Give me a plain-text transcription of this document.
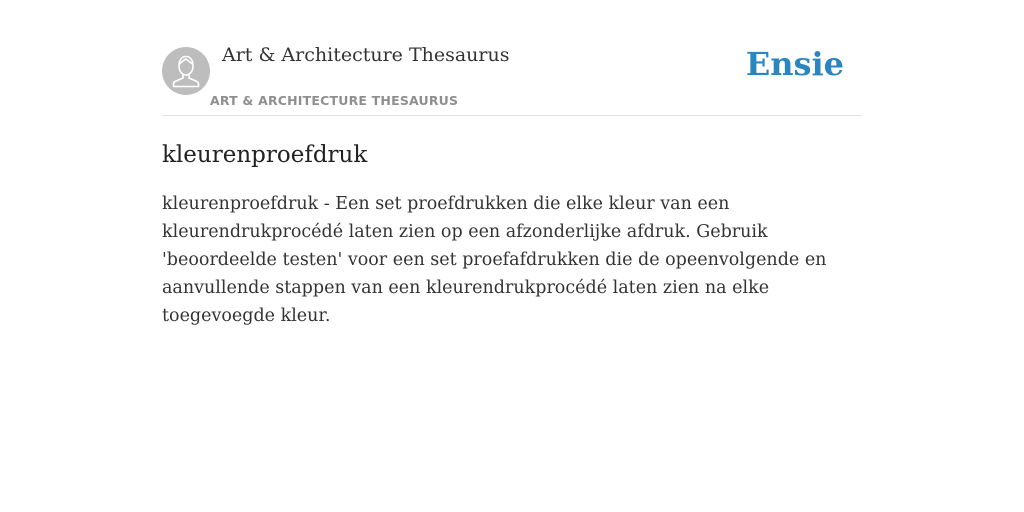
Art & Architecture Thesaurus
ART & ARCHITECTURE THESAURUS
Ensie
kleurenproefdruk

kleurenproefdruk - Een set proefdrukken die elke kleur van een kleurendrukprocédé laten zien op een afzonderlijke afdruk. Gebruik 'beoordeelde testen' voor een set proefafdrukken die de opeenvolgende en aanvullende stappen van een kleurendrukprocédé laten zien na elke toegevoegde kleur.
